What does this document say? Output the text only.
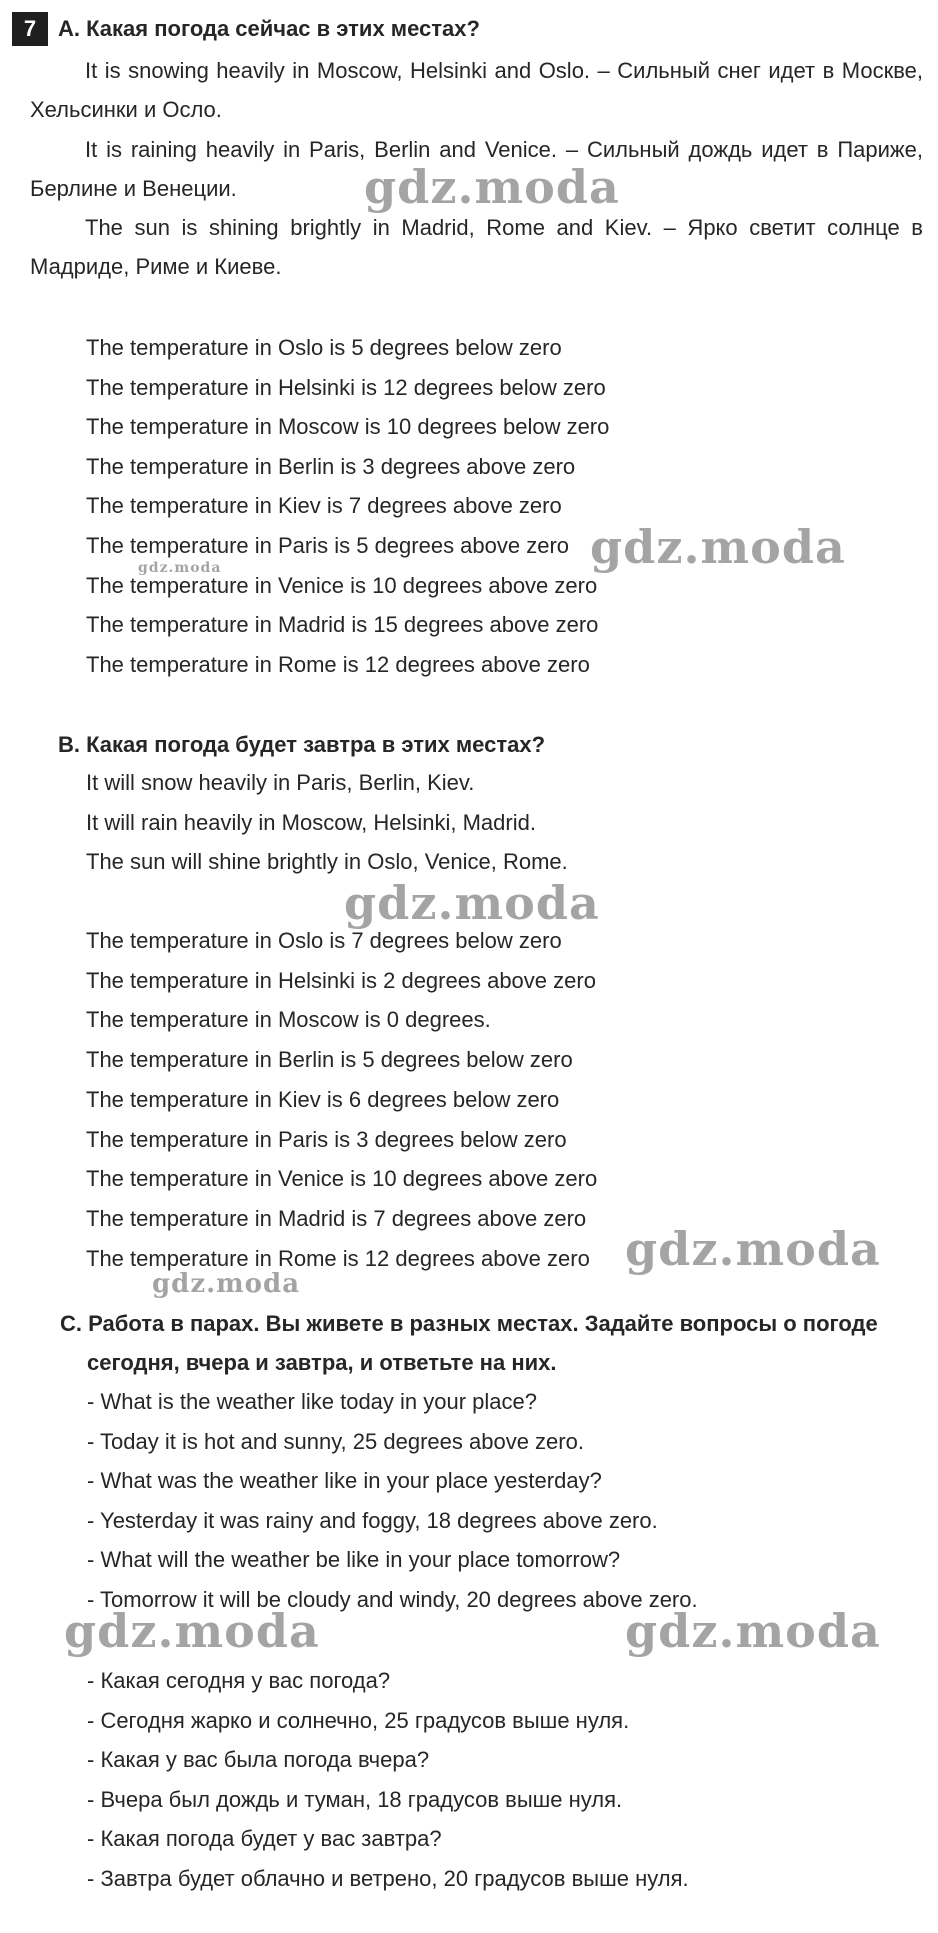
7 A. Какая погода сейчас в этих местах?
It is snowing heavily in Moscow, Helsinki and Oslo. – Сильный снег идет в Москве, Хельсинки и Осло.
It is raining heavily in Paris, Berlin and Venice. – Сильный дождь идет в Париже, Берлине и Венеции.
The sun is shining brightly in Madrid, Rome and Kiev. – Ярко светит солнце в Мадриде, Риме и Киеве.
The temperature in Oslo is 5 degrees below zero
The temperature in Helsinki is 12 degrees below zero
The temperature in Moscow is 10 degrees below zero
The temperature in Berlin is 3 degrees above zero
The temperature in Kiev is 7 degrees above zero
The temperature in Paris is 5 degrees above zero
The temperature in Venice is 10 degrees above zero
The temperature in Madrid is 15 degrees above zero
The temperature in Rome is 12 degrees above zero
B. Какая погода будет завтра в этих местах?
It will snow heavily in Paris, Berlin, Kiev.
It will rain heavily in Moscow, Helsinki, Madrid.
The sun will shine brightly in Oslo, Venice, Rome.
The temperature in Oslo is 7 degrees below zero
The temperature in Helsinki is 2 degrees above zero
The temperature in Moscow is 0 degrees.
The temperature in Berlin is 5 degrees below zero
The temperature in Kiev is 6 degrees below zero
The temperature in Paris is 3 degrees below zero
The temperature in Venice is 10 degrees above zero
The temperature in Madrid is 7 degrees above zero
The temperature in Rome is 12 degrees above zero
C. Работа в парах. Вы живете в разных местах. Задайте вопросы о погоде
сегодня, вчера и завтра, и ответьте на них.
- What is the weather like today in your place?
- Today it is hot and sunny, 25 degrees above zero.
- What was the weather like in your place yesterday?
- Yesterday it was rainy and foggy, 18 degrees above zero.
- What will the weather be like in your place tomorrow?
- Tomorrow it will be cloudy and windy, 20 degrees above zero.
- Какая сегодня у вас погода?
- Сегодня жарко и солнечно, 25 градусов выше нуля.
- Какая у вас была погода вчера?
- Вчера был дождь и туман, 18 градусов выше нуля.
- Какая погода будет у вас завтра?
- Завтра будет облачно и ветрено, 20 градусов выше нуля.
gdz.moda
gdz.moda
gdz.moda
gdz.moda
gdz.moda
gdz.moda
gdz.moda	gdz.moda
